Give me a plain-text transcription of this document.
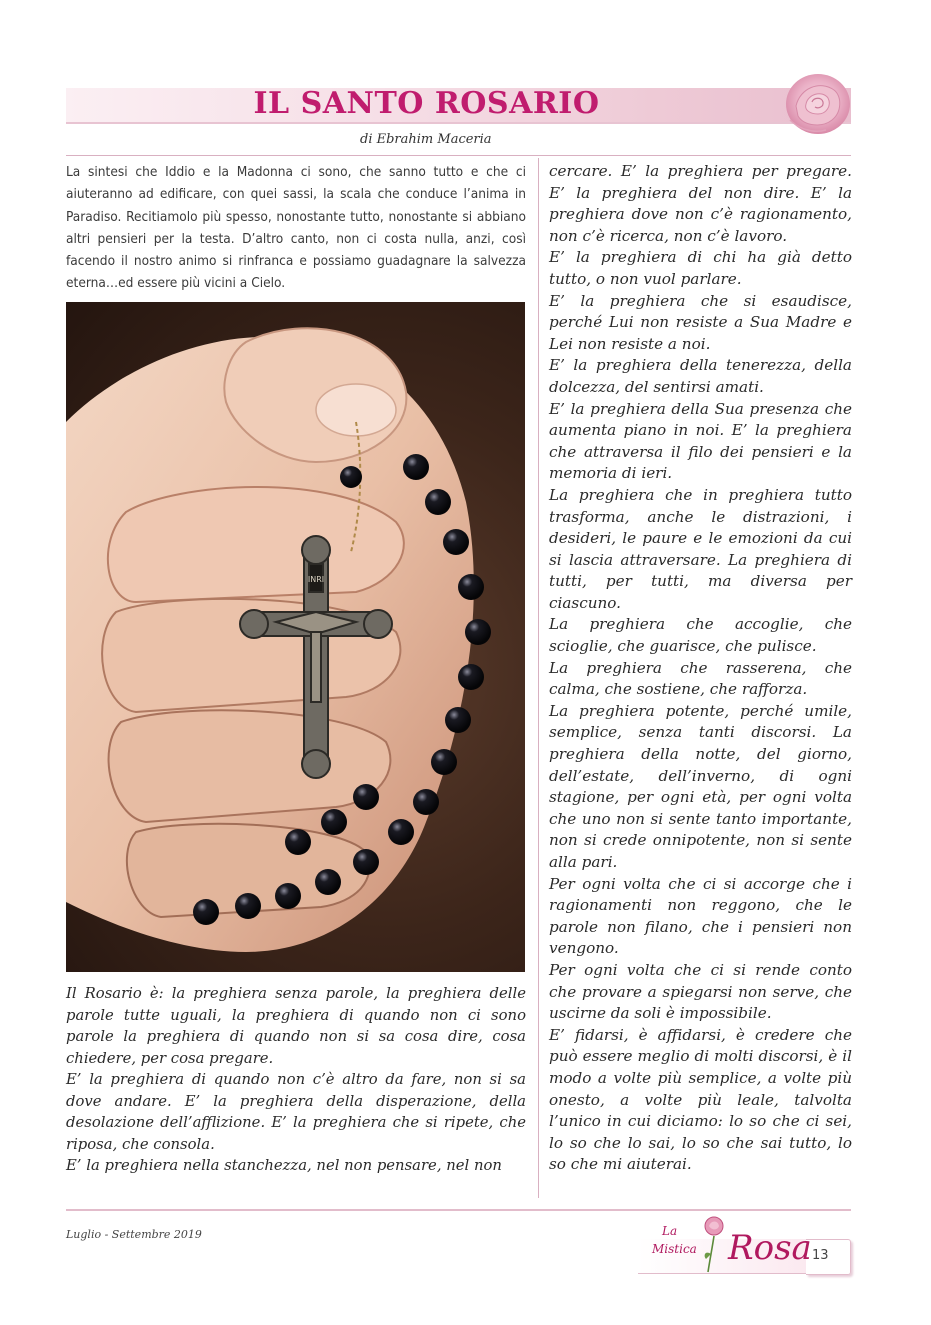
IL SANTO ROSARIO
di Ebrahim Maceria
La sintesi che Iddio e la Madonna ci sono, che sanno tutto e che ci aiuteranno ad edificare, con quei sassi, la scala che conduce l’anima in Paradiso. Recitiamolo più spesso, nonostante tutto, nonostante si abbiano altri pensieri per la testa. D’altro canto, non ci costa nulla, anzi, così facendo il nostro animo si rinfranca e possiamo guadagnare la salvezza eterna…ed essere più vicini a Cielo.
INRI

Il Rosario è: la preghiera senza parole, la preghiera delle parole tutte uguali, la preghiera di quando non ci sono parole la preghiera di quando non si sa cosa dire, cosa chiedere, per cosa pregare.

E’ la preghiera di quando non c’è altro da fare, non si sa dove andare. E’ la preghiera della disperazione, della desolazione dell’afflizione. E’ la preghiera che si ripete, che riposa, che consola.

E’ la preghiera nella stanchezza, nel non pensare, nel non

cercare. E’ la preghiera per pregare. E’ la preghiera del non dire. E’ la preghiera dove non c’è ragionamento, non c’è ricerca, non c’è lavoro.

E’ la preghiera di chi ha già detto tutto, o non vuol parlare.

E’ la preghiera che si esaudisce, perché Lui non resiste a Sua Madre e Lei non resiste a noi.

E’ la preghiera della tenerezza, della dolcezza, del sentirsi amati.

E’ la preghiera della Sua presenza che aumenta piano in noi. E’ la preghiera che attraversa il filo dei pensieri e la memoria di ieri.

La preghiera che in preghiera tutto trasforma, anche le distrazioni, i desideri, le paure e le emozioni da cui si lascia attraversare. La preghiera di tutti, per tutti, ma diversa per ciascuno.

La preghiera che accoglie, che scioglie, che guarisce, che pulisce.

La preghiera che rasserena, che calma, che sostiene, che rafforza.

La preghiera potente, perché umile, semplice, senza tanti discorsi. La preghiera della notte, del giorno, dell’estate, dell’inverno, di ogni stagione, per ogni età, per ogni volta che uno non si sente tanto importante, non si crede onnipotente, non si sente alla pari.

Per ogni volta che ci si accorge che i ragionamenti non reggono, che le parole non filano, che i pensieri non vengono.

Per ogni volta che ci si rende conto che provare a spiegarsi non serve, che uscirne da soli è impossibile.

E’ fidarsi, è affidarsi, è credere che può essere meglio di molti discorsi, è il modo a volte più semplice, a volte più onesto, a volte più leale, talvolta l’unico in cui diciamo: lo so che ci sei, lo so che lo sai, lo so che sai tutto, lo so che mi aiuterai.

Luglio - Settembre 2019	La
Mistica Rosa 13
